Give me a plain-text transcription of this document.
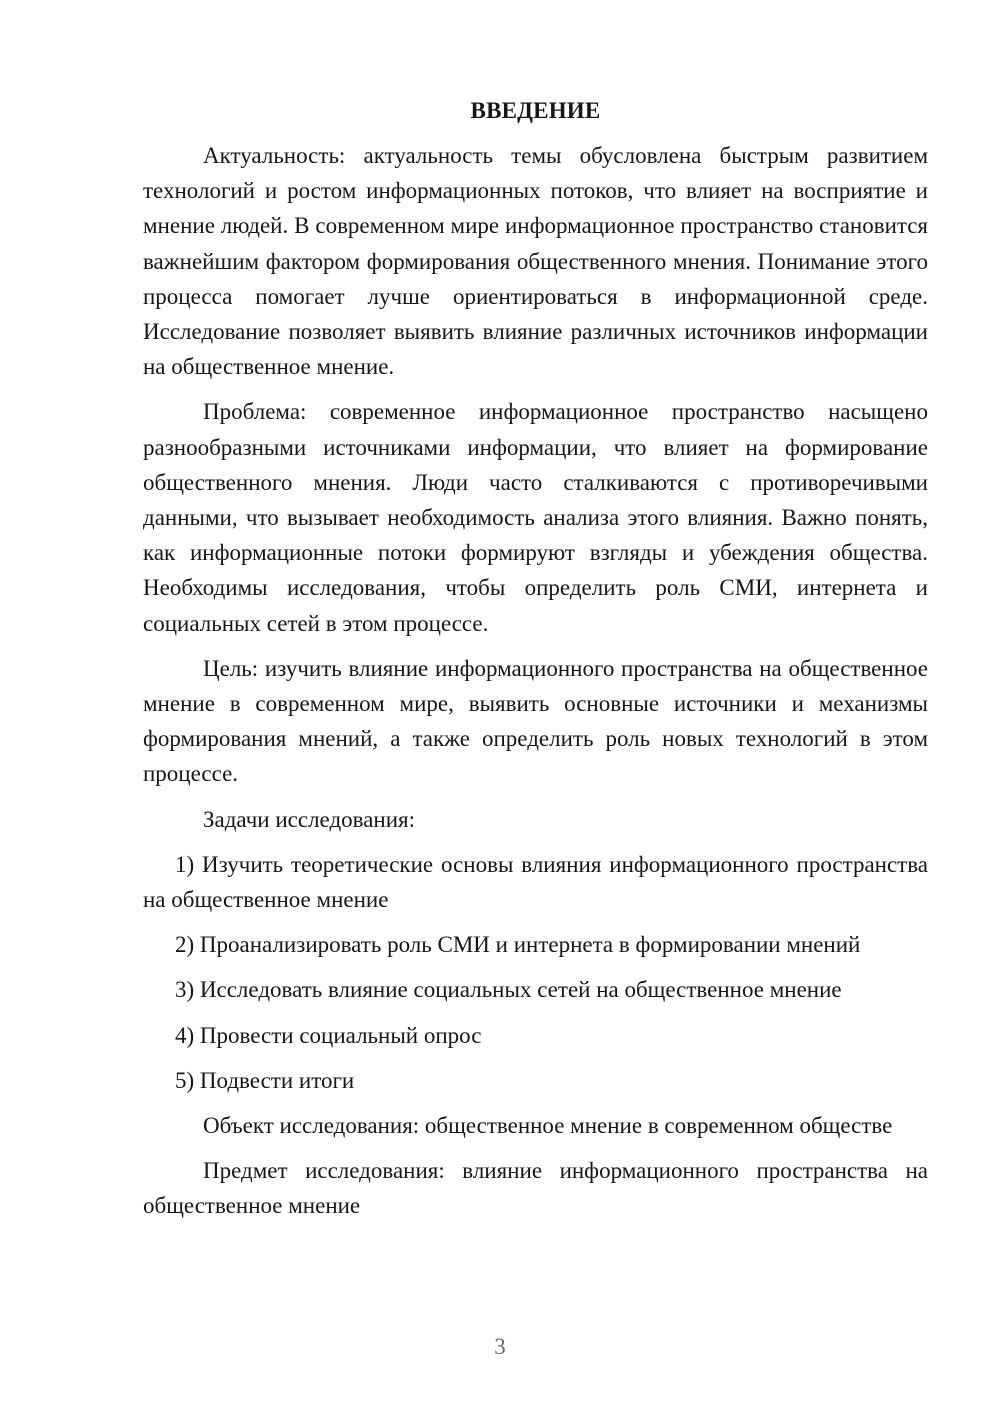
ВВЕДЕНИЕ
Актуальность: актуальность темы обусловлена быстрым развитием технологий и ростом информационных потоков, что влияет на восприятие и мнение людей. В современном мире информационное пространство становится важнейшим фактором формирования общественного мнения. Понимание этого процесса помогает лучше ориентироваться в информационной среде. Исследование позволяет выявить влияние различных источников информации на общественное мнение.
Проблема: современное информационное пространство насыщено разнообразными источниками информации, что влияет на формирование общественного мнения. Люди часто сталкиваются с противоречивыми данными, что вызывает необходимость анализа этого влияния. Важно понять, как информационные потоки формируют взгляды и убеждения общества. Необходимы исследования, чтобы определить роль СМИ, интернета и социальных сетей в этом процессе.
Цель: изучить влияние информационного пространства на общественное мнение в современном мире, выявить основные источники и механизмы формирования мнений, а также определить роль новых технологий в этом процессе.
Задачи исследования:
1) Изучить теоретические основы влияния информационного пространства на общественное мнение
2) Проанализировать роль СМИ и интернета в формировании мнений
3) Исследовать влияние социальных сетей на общественное мнение
4) Провести социальный опрос
5) Подвести итоги
Объект исследования: общественное мнение в современном обществе
Предмет исследования: влияние информационного пространства на общественное мнение
3
